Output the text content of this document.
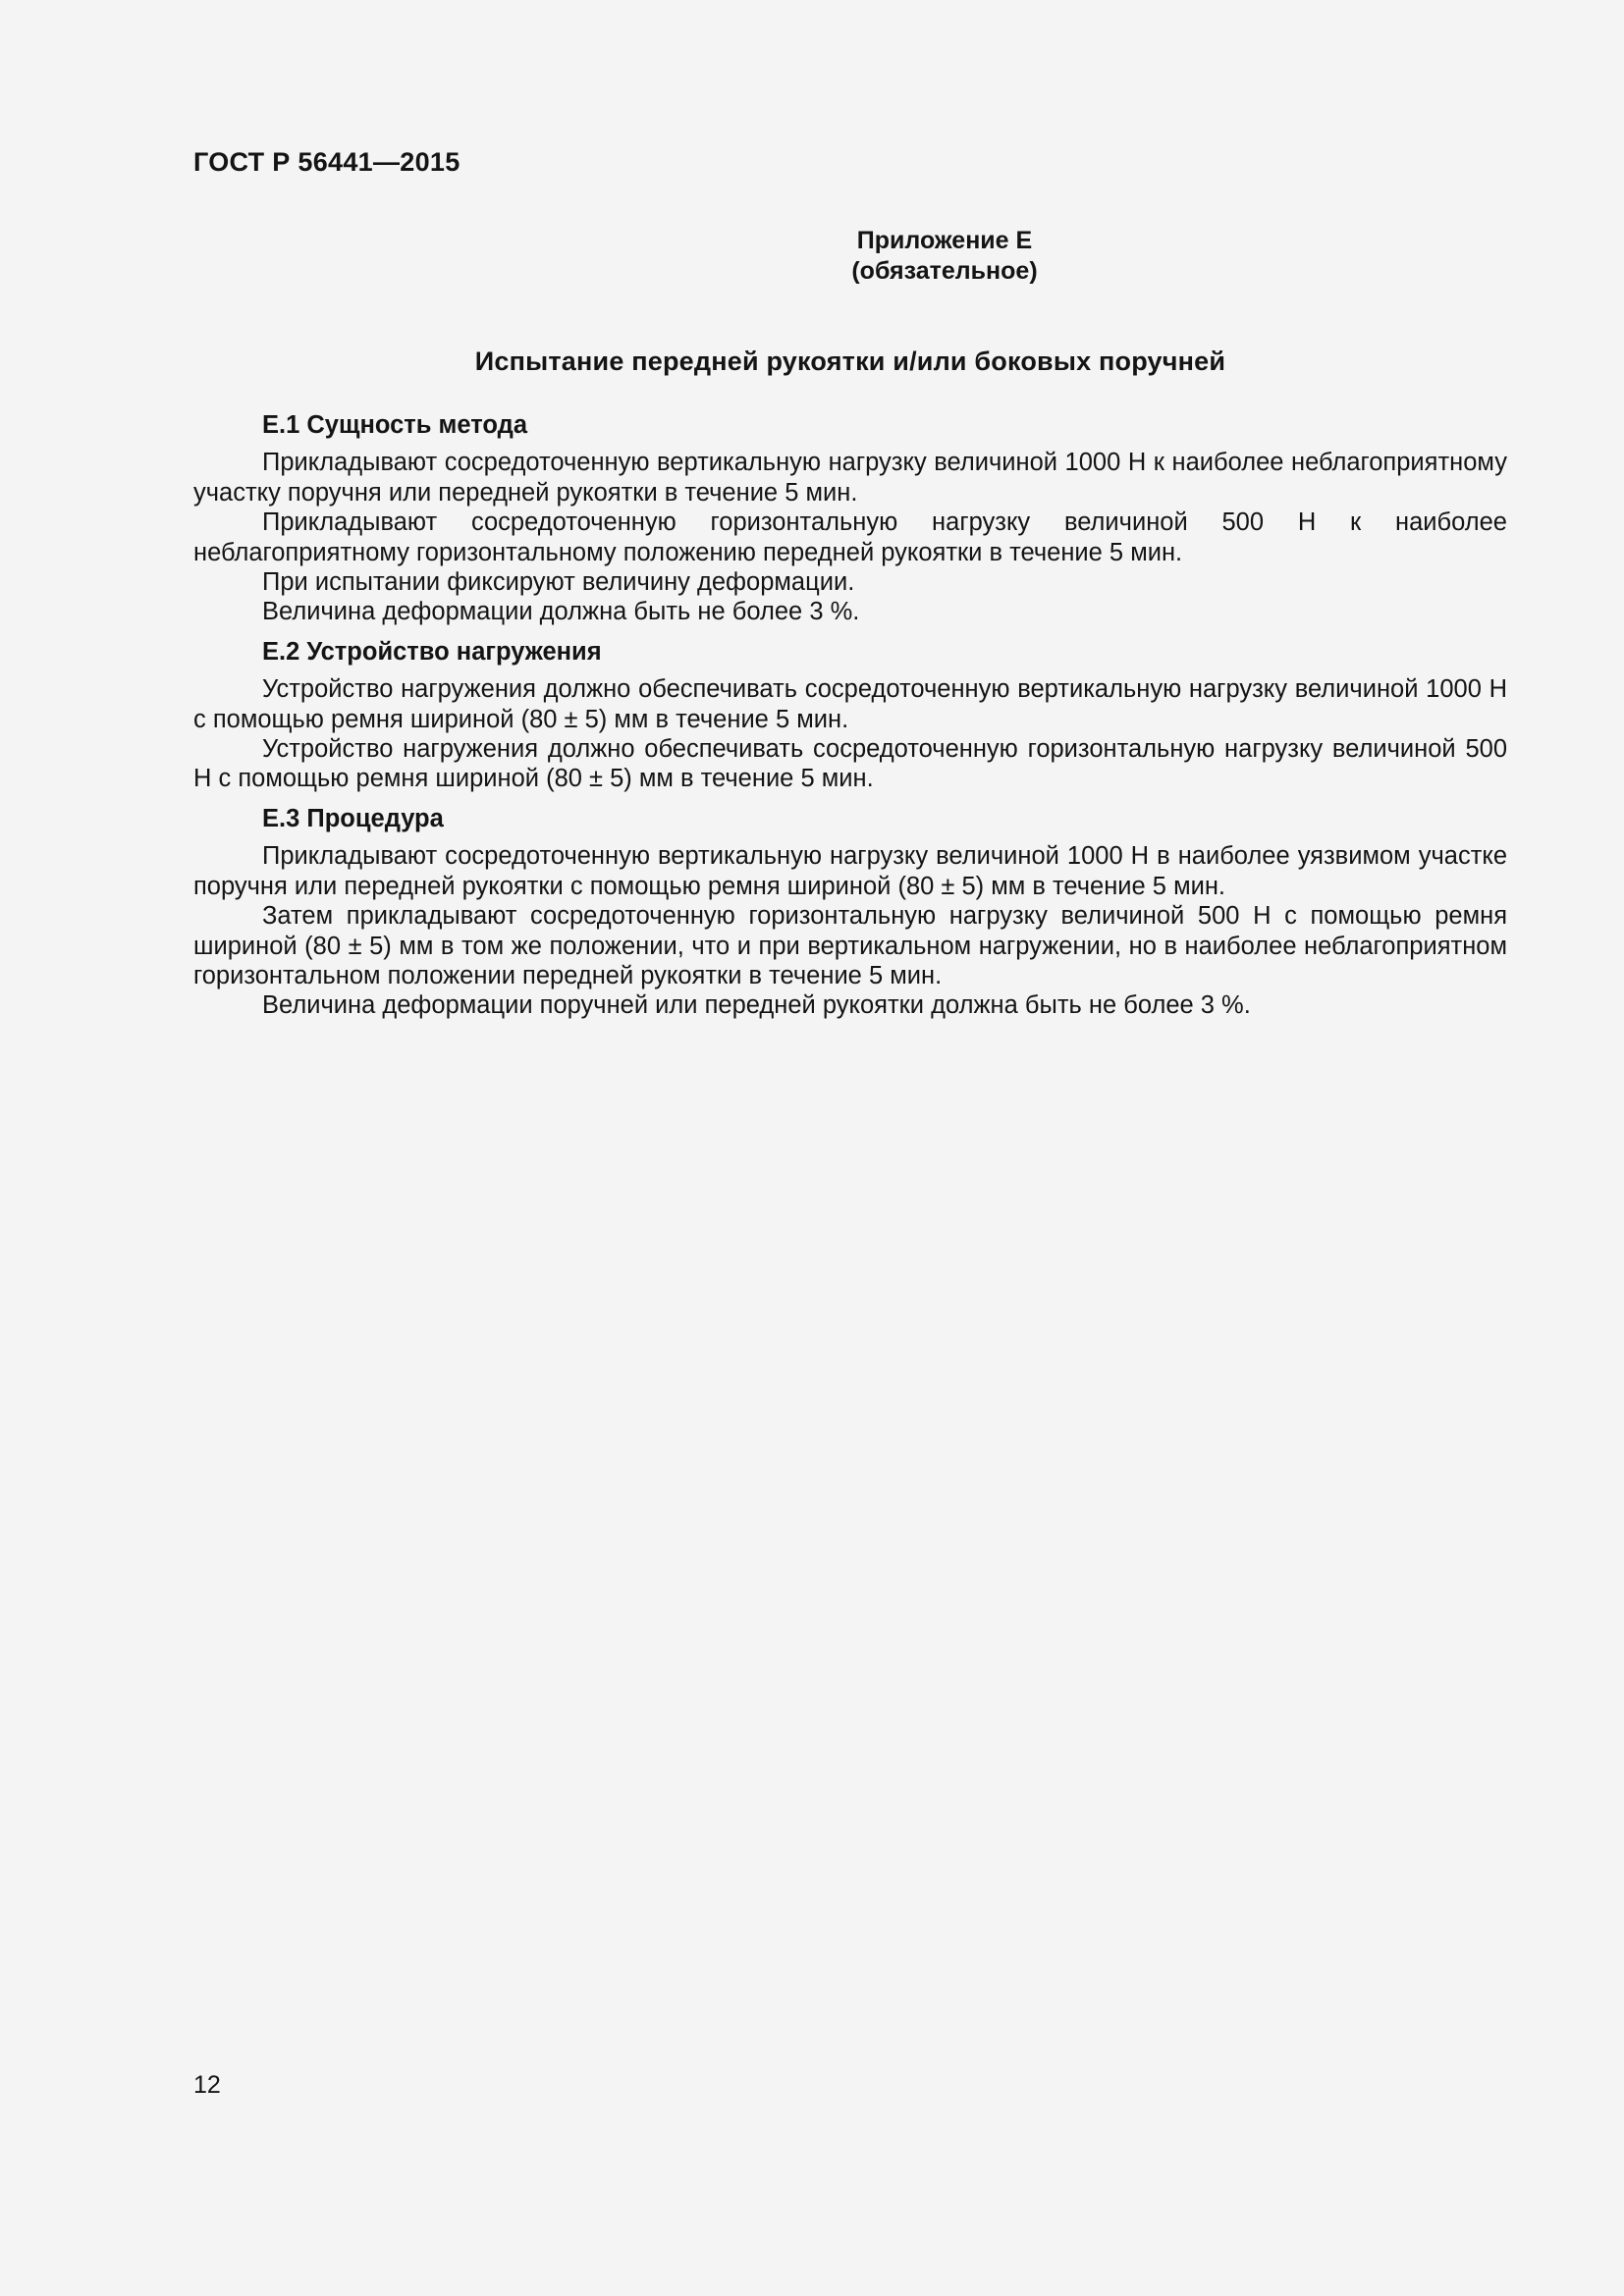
ГОСТ Р 56441—2015
Приложение Е
(обязательное)
Испытание передней рукоятки и/или боковых поручней
Е.1 Сущность метода

Прикладывают сосредоточенную вертикальную нагрузку величиной 1000 Н к наиболее неблагоприятному участку поручня или передней рукоятки в течение 5 мин.

Прикладывают сосредоточенную горизонтальную нагрузку величиной 500 Н к наиболее неблагоприятному горизонтальному положению передней рукоятки в течение 5 мин.

При испытании фиксируют величину деформации.

Величина деформации должна быть не более 3 %.

Е.2 Устройство нагружения

Устройство нагружения должно обеспечивать сосредоточенную вертикальную нагрузку величиной 1000 Н с помощью ремня шириной (80 ± 5) мм в течение 5 мин.

Устройство нагружения должно обеспечивать сосредоточенную горизонтальную нагрузку величиной 500 Н с помощью ремня шириной (80 ± 5) мм в течение 5 мин.

Е.3 Процедура

Прикладывают сосредоточенную вертикальную нагрузку величиной 1000 Н в наиболее уязвимом участке поручня или передней рукоятки с помощью ремня шириной (80 ± 5) мм в течение 5 мин.

Затем прикладывают сосредоточенную горизонтальную нагрузку величиной 500 Н с помощью ремня шириной (80 ± 5) мм в том же положении, что и при вертикальном нагружении, но в наиболее неблагоприятном горизонтальном положении передней рукоятки в течение 5 мин.

Величина деформации поручней или передней рукоятки должна быть не более 3 %.

12
